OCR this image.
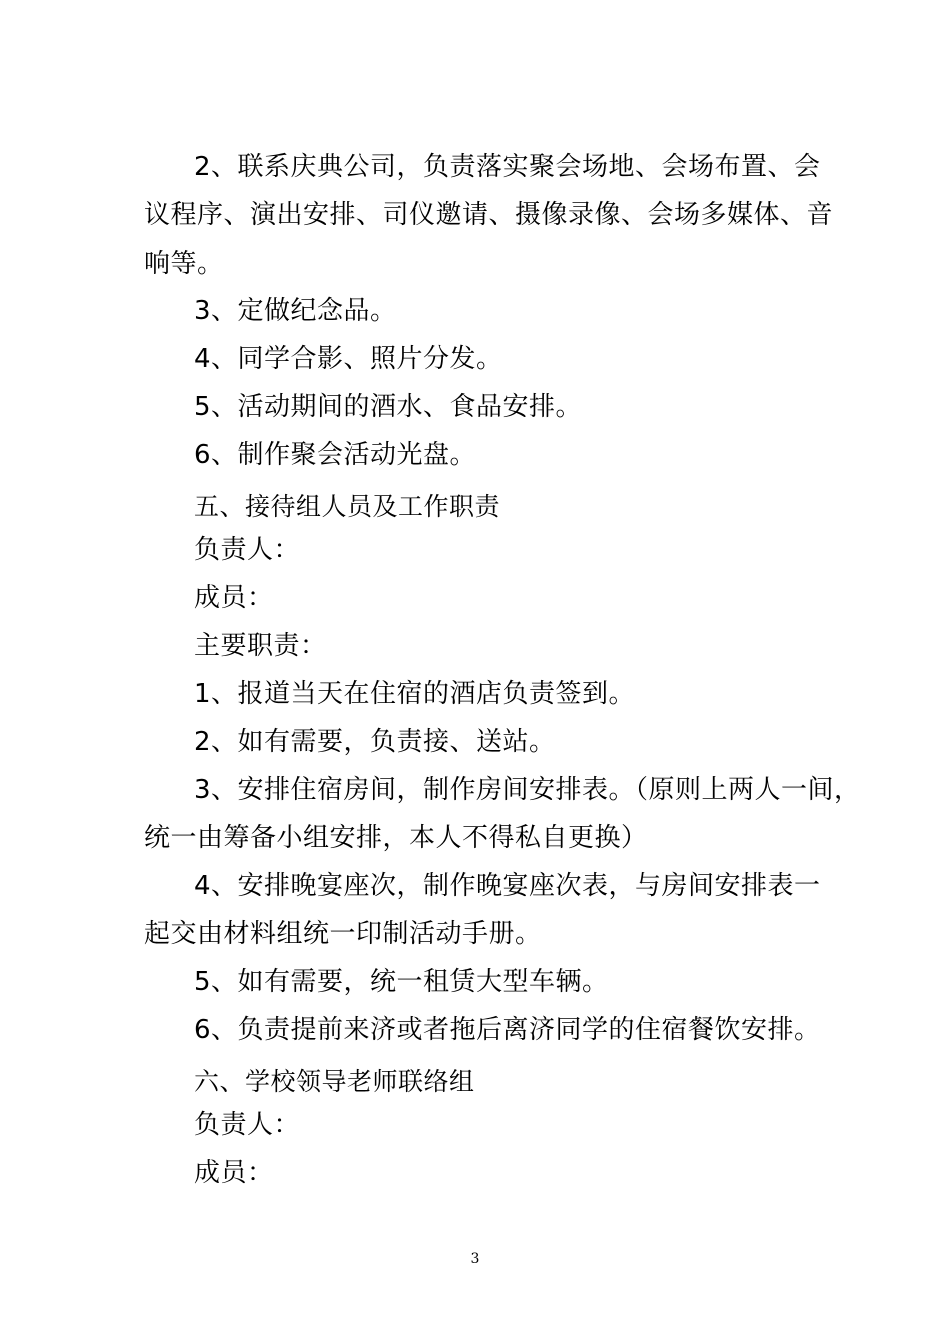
2、联系庆典公司，负责落实聚会场地、会场布置、会
议程序、演出安排、司仪邀请、摄像录像、会场多媒体、音
响等。
3、定做纪念品。
4、同学合影、照片分发。
5、活动期间的酒水、食品安排。
6、制作聚会活动光盘。
五、接待组人员及工作职责
负责人：
成员：
主要职责：
1、报道当天在住宿的酒店负责签到。
2、如有需要，负责接、送站。
3、安排住宿房间，制作房间安排表。（原则上两人一间，
统一由筹备小组安排，本人不得私自更换）
4、安排晚宴座次，制作晚宴座次表，与房间安排表一
起交由材料组统一印制活动手册。
5、如有需要，统一租赁大型车辆。
6、负责提前来济或者拖后离济同学的住宿餐饮安排。
六、学校领导老师联络组
负责人：
成员：
3
